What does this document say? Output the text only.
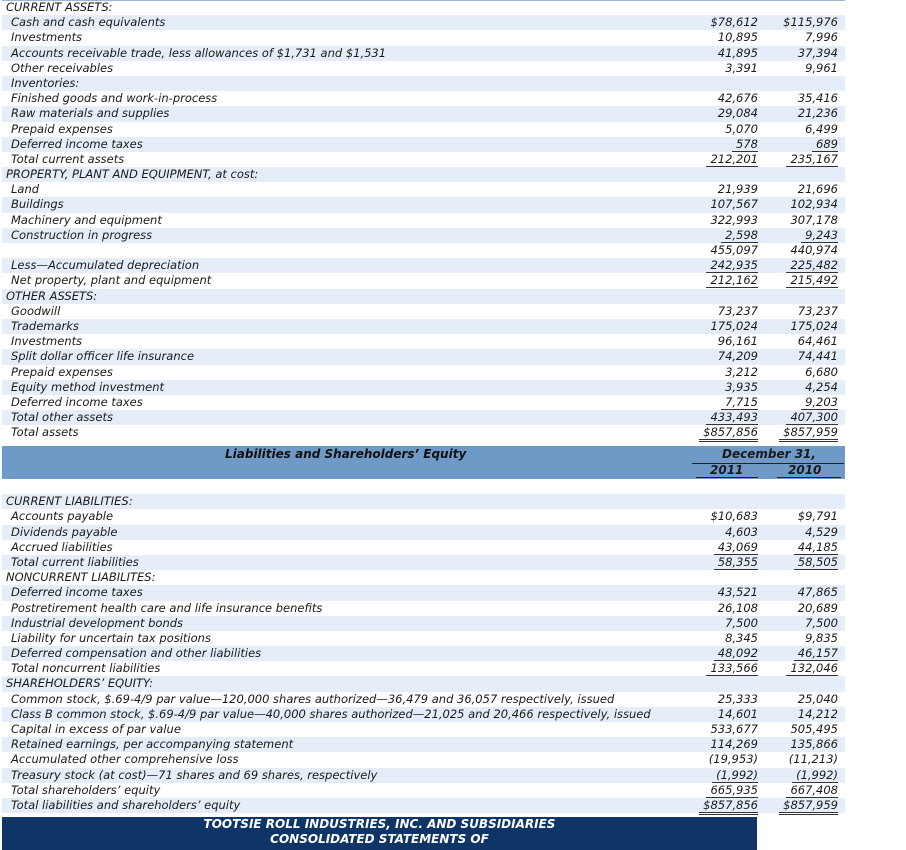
CURRENT ASSETS:
Cash and cash equivalents	$78,612	$115,976
Investments	10,895	7,996
Accounts receivable trade, less allowances of $1,731 and $1,531	41,895	37,394
Other receivables	3,391	9,961
Inventories:
Finished goods and work-in-process	42,676	35,416
Raw materials and supplies	29,084	21,236
Prepaid expenses	5,070	6,499
Deferred income taxes	578	689
Total current assets	212,201	235,167
PROPERTY, PLANT AND EQUIPMENT, at cost:
Land	21,939	21,696
Buildings	107,567	102,934
Machinery and equipment	322,993	307,178
Construction in progress	2,598	9,243
455,097	440,974
Less—Accumulated depreciation	242,935	225,482
Net property, plant and equipment	212,162	215,492
OTHER ASSETS:
Goodwill	73,237	73,237
Trademarks	175,024	175,024
Investments	96,161	64,461
Split dollar officer life insurance	74,209	74,441
Prepaid expenses	3,212	6,680
Equity method investment	3,935	4,254
Deferred income taxes	7,715	9,203
Total other assets	433,493	407,300
Total assets	$857,856	$857,959
Liabilities and Shareholders’ Equity	December 31,
2011	2010
CURRENT LIABILITIES:
Accounts payable	$10,683	$9,791
Dividends payable	4,603	4,529
Accrued liabilities	43,069	44,185
Total current liabilities	58,355	58,505
NONCURRENT LIABILITES:
Deferred income taxes	43,521	47,865
Postretirement health care and life insurance benefits	26,108	20,689
Industrial development bonds	7,500	7,500
Liability for uncertain tax positions	8,345	9,835
Deferred compensation and other liabilities	48,092	46,157
Total noncurrent liabilities	133,566	132,046
SHAREHOLDERS’ EQUITY:
Common stock, $.69-4/9 par value—120,000 shares authorized—36,479 and 36,057 respectively, issued	25,333	25,040
Class B common stock, $.69-4/9 par value—40,000 shares authorized—21,025 and 20,466 respectively, issued	14,601	14,212
Capital in excess of par value	533,677	505,495
Retained earnings, per accompanying statement	114,269	135,866
Accumulated other comprehensive loss	(19,953)	(11,213)
Treasury stock (at cost)—71 shares and 69 shares, respectively	(1,992)	(1,992)
Total shareholders’ equity	665,935	667,408
Total liabilities and shareholders’ equity	$857,856	$857,959
TOOTSIE ROLL INDUSTRIES, INC. AND SUBSIDIARIES
CONSOLIDATED STATEMENTS OF
